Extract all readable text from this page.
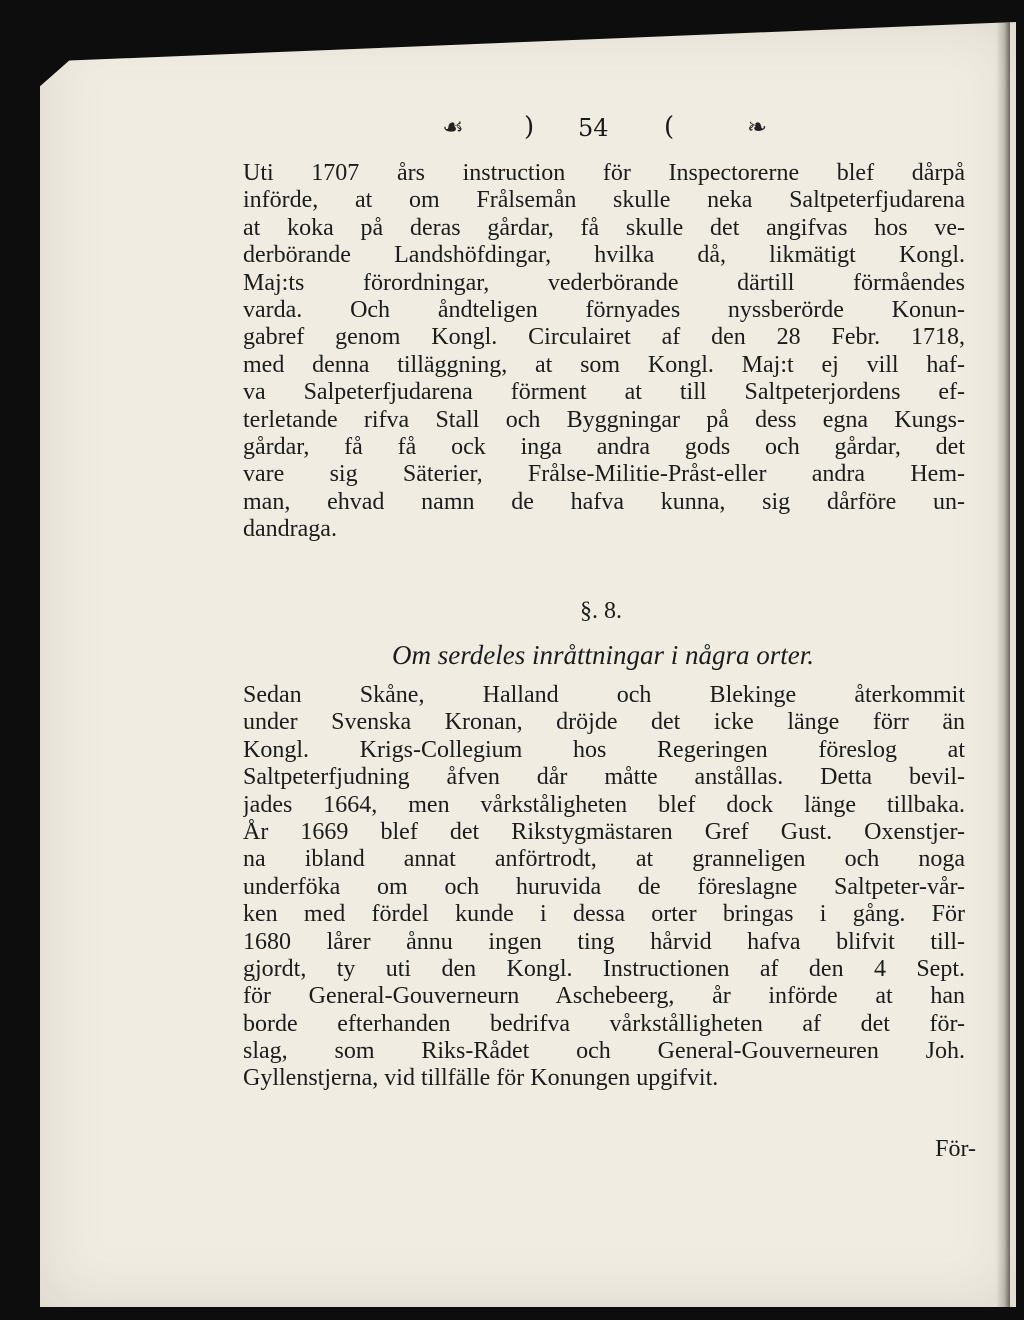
☙ ) 54 (	❧
Uti 1707 års instruction för Inspectorerne blef dårpå
införde, at om Frålsemån skulle neka Saltpeterfjudarena
at koka på deras gårdar, få skulle det angifvas hos ve-
derbörande Landshöfdingar, hvilka då, likmätigt Kongl.
Maj:ts förordningar, vederbörande därtill förmåendes
varda. Och åndteligen förnyades nyssberörde Konun-
gabref genom Kongl. Circulairet af den 28 Febr. 1718,
med denna tilläggning, at som Kongl. Maj:t ej vill haf-
va Salpeterfjudarena förment at till Saltpeterjordens ef-
terletande rifva Stall och Byggningar på dess egna Kungs-
gårdar, få få ock inga andra gods och gårdar, det
vare sig Säterier, Frålse-Militie-Pråst-eller andra Hem-
man, ehvad namn de hafva kunna, sig dårföre un-
dandraga.
§. 8.
Om serdeles inråttningar i några orter.
Sedan Skåne, Halland och Blekinge återkommit
under Svenska Kronan, dröjde det icke länge förr än
Kongl. Krigs-Collegium hos Regeringen föreslog at
Saltpeterfjudning åfven dår måtte anstållas. Detta bevil-
jades 1664, men vårkståligheten blef dock länge tillbaka.
År 1669 blef det Rikstygmästaren Gref Gust. Oxenstjer-
na ibland annat anförtrodt, at granneligen och noga
underföka om och huruvida de föreslagne Saltpeter-vår-
ken med fördel kunde i dessa orter bringas i gång. För
1680 lårer ånnu ingen ting hårvid hafva blifvit till-
gjordt, ty uti den Kongl. Instructionen af den 4 Sept.
för General-Gouverneurn Aschebeerg, år införde at han
borde efterhanden bedrifva vårkstålligheten af det för-
slag, som Riks-Rådet och General-Gouverneuren Joh.
Gyllenstjerna, vid tillfälle för Konungen upgifvit.
För-
